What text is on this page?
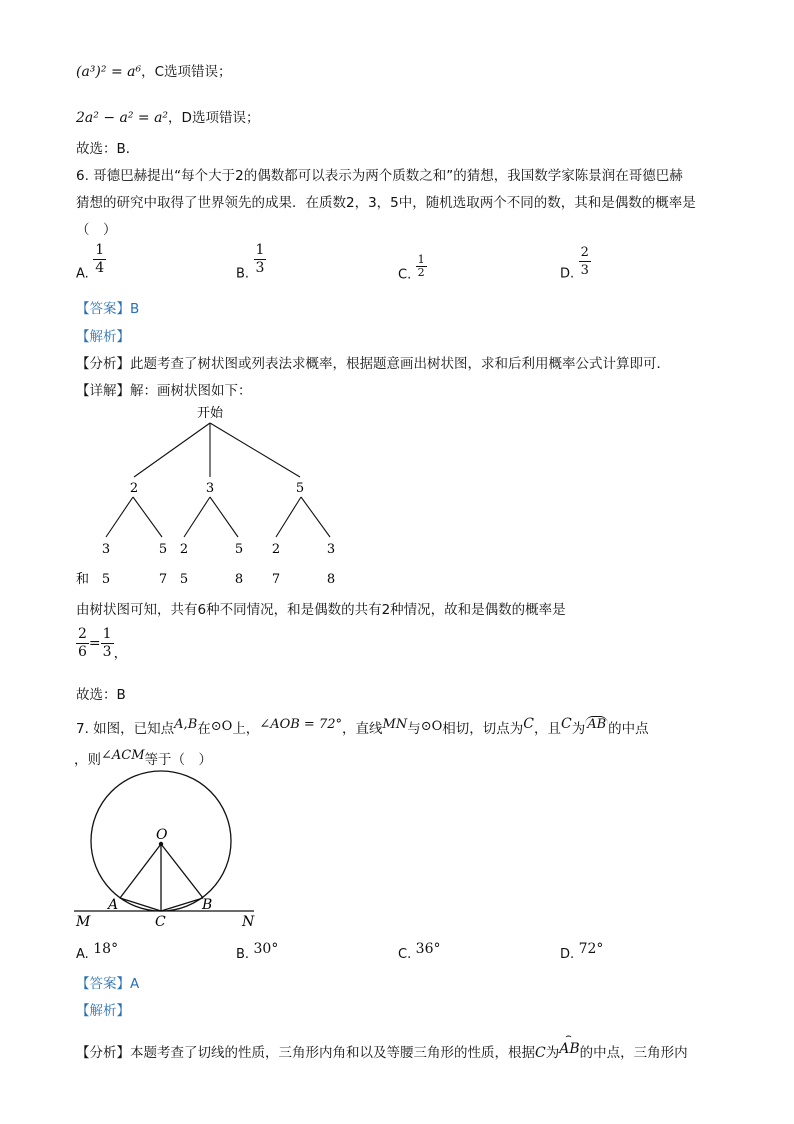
(a³)² = a⁶，C选项错误；
2a² − a² = a²，D选项错误；
故选：B．
6. 哥德巴赫提出“每个大于2的偶数都可以表示为两个质数之和”的猜想，我国数学家陈景润在哥德巴赫
猜想的研究中取得了世界领先的成果．在质数2，3，5中，随机选取两个不同的数，其和是偶数的概率是
（　）
A. $\frac{1}{4}$	B. $\frac{1}{3}$	C. $\frac{1}{2}$	D. $\frac{2}{3}$
【答案】B
【解析】
【分析】此题考查了树状图或列表法求概率，根据题意画出树状图，求和后利用概率公式计算即可．
【详解】解：画树状图如下：
开始
2	3	5
3	5 2	5 2	3
和 5	7 5	8 7	8
由树状图可知，共有6种不同情况，和是偶数的共有2种情况，故和是偶数的概率是
$\frac{2}{6} = \frac{1}{3}$ ，
故选：B
7. 如图，已知点A,B在⊙O上，∠AOB = 72°，直线MN与⊙O相切，切点为C，且C为 AB 的中点
，则∠ACM等于（　）
O
A	B
C
M	N
A. 18°	B. 30°	C. 36°	D. 72°
【答案】A
【解析】
【分析】本题考查了切线的性质，三角形内角和以及等腰三角形的性质，根据C为
⌢
AB的中点，三角形内
